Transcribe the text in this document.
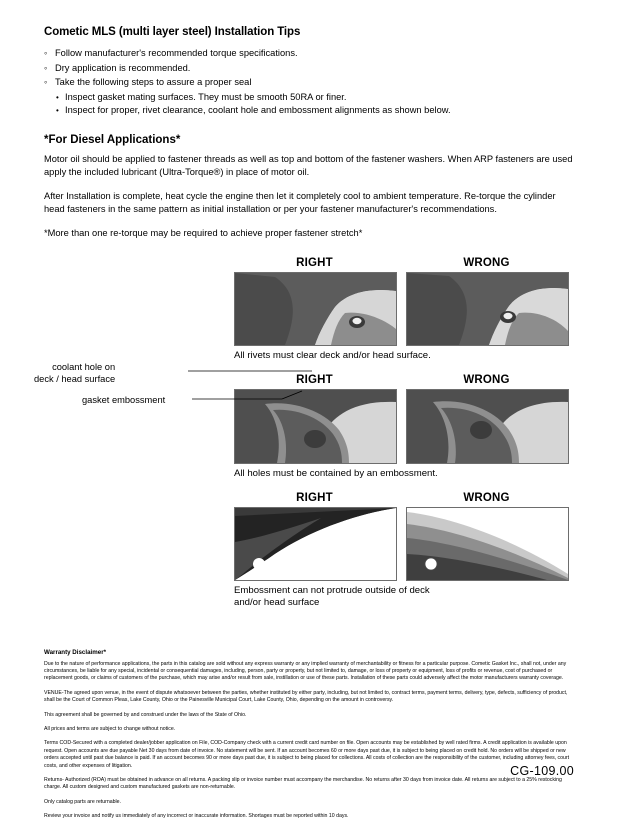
Cometic MLS (multi layer steel) Installation Tips
◦ Follow manufacturer's recommended torque specifications.
◦ Dry application is recommended.
◦ Take the following steps to assure a proper seal
• Inspect gasket mating surfaces. They must be smooth 50RA or finer.
• Inspect for proper, rivet clearance, coolant hole and embossment alignments as shown below.
*For Diesel Applications*

Motor oil should be applied to fastener threads as well as top and bottom of the fastener washers. When ARP fasteners are used apply the included lubricant (Ultra-Torque®) in place of motor oil.

After Installation is complete, heat cycle the engine then let it completely cool to ambient temperature. Re-torque the cylinder head fasteners in the same pattern as initial installation or per your fastener manufacturer's recommendations.

*More than one re-torque may be required to achieve proper fastener stretch*

RIGHT	WRONG
All rivets must clear deck and/or head surface.
RIGHT	WRONG
All holes must be contained by an embossment.
coolant hole on
deck / head surface
gasket embossment
RIGHT	WRONG
Embossment can not protrude outside of deck
and/or head surface
Warranty Disclaimer*

Due to the nature of performance applications, the parts in this catalog are sold without any express warranty or any implied warranty of merchantability or fitness for a particular purpose. Cometic Gasket Inc., shall not, under any circumstances, be liable for any special, incidental or consequential damages, including, person, party or property, but not limited to, damage, or loss of property or equipment, loss of profits or revenue, cost of purchased or replacement goods, or claims of customers of the purchase, which may arise and/or result from sale, instillation or use of these parts. Installation of these parts could adversely affect the motor manufacturers warranty coverage.

VENUE-The agreed upon venue, in the event of dispute whatsoever between the parties, whether instituted by either party, including, but not limited to, contract terms, payment terms, delivery, type, defects, sufficiency of product, shall be the Court of Common Pleas, Lake County, Ohio or the Painesville Municipal Court, Lake County, Ohio, depending on the amount in controversy.

This agreement shall be governed by and construed under the laws of the State of Ohio.

All prices and terms are subject to change without notice.

Terms COD-Secured with a completed dealer/jobber application on File, COD-Company check with a current credit card number on file. Open accounts may be established by well rated firms. A credit application is available upon request. Open accounts are due payable Net 30 days from date of invoice. No statement will be sent. If an account becomes 60 or more days past due, it is subject to being placed on credit hold. No orders will be shipped or new orders accepted until past due balance is paid. If an account becomes 90 or more days past due, it is subject to being placed for collections. All costs of collection are the responsibility of the customer, including attorney fees, court costs, and other expenses of litigation.

Returns- Authorized (ROA) must be obtained in advance on all returns. A packing slip or invoice number must accompany the merchandise. No returns after 30 days from invoice date. All returns are subject to a 25% restocking charge. All custom designed and custom manufactured gaskets are non-returnable.

Only catalog parts are returnable.

Review your invoice and notify us immediately of any incorrect or inaccurate information. Shortages must be reported within 10 days.

CG-109.00
